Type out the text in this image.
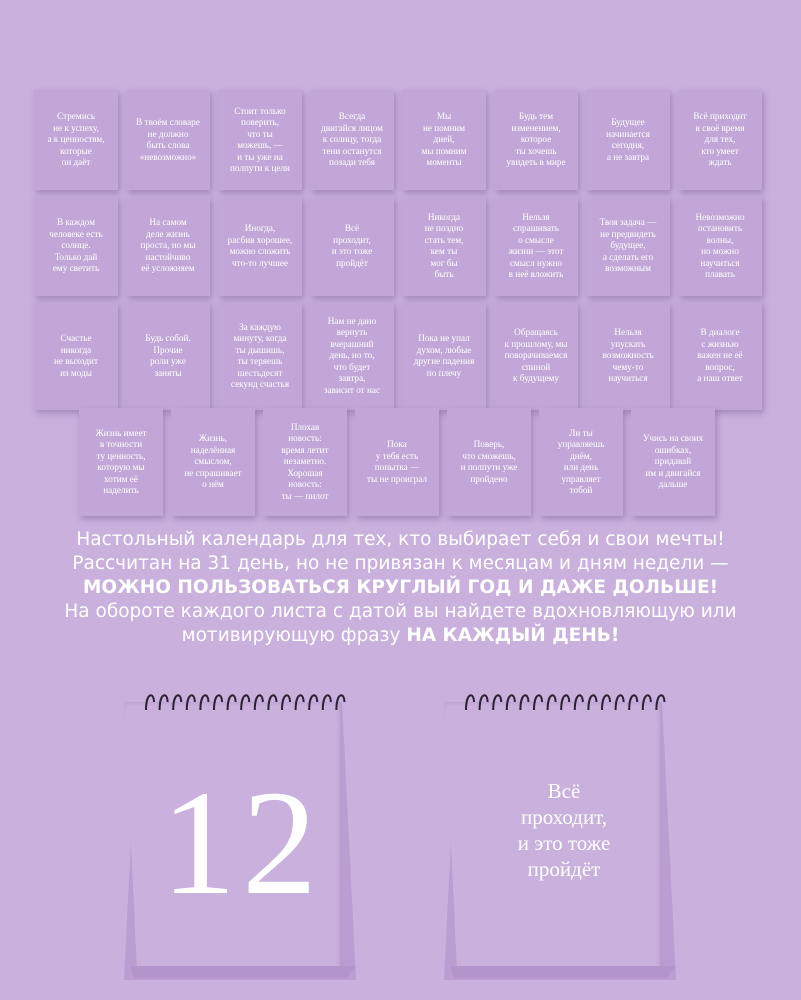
Стремись
не к успеху,
а к ценностям,
которые
он даёт
В твоём словаре
не должно
быть слова
«невозможно»
Стоит только
поверить,
что ты
можешь, —
и ты уже на
полпути к цели
Всегда
двигайся лицом
к солнцу, тогда
тени останутся
позади тебя
Мы
не помним
дней,
мы помним
моменты
Будь тем
изменением,
которое
ты хочешь
увидеть в мире
Будущее
начинается
сегодня,
а не завтра
Всё приходит
в своё время
для тех,
кто умеет
ждать
В каждом
человеке есть
солнце.
Только дай
ему светить
На самом
деле жизнь
проста, но мы
настойчиво
её усложняем
Иногда,
расбив хорошее,
можно сложить
что-то лучшее
Всё
проходит,
и это тоже
пройдёт
Никогда
не поздно
стать тем,
кем ты
мог бы
быть
Нельзя
спрашивать
о смысле
жизни — этот
смысл нужно
в неё вложить
Твоя задача —
не предвидеть
будущее,
а сделать его
возможным
Невозможно
остановить
волны,
но можно
научиться
плавать
Счастье
никогда
не выходит
из моды
Будь собой.
Прочие
роли уже
заняты
За каждую
минуту, когда
ты дышишь,
ты теряешь
шестьдесят
секунд счастья
Нам не дано
вернуть
вчерашний
день, но то,
что будет
завтра,
зависит от нас
Пока не упал
духом, любые
другие падения
по плечу
Обращаясь
к прошлому, мы
поворачиваемся
спиной
к будущему
Нельзя
упускать
возможность
чему-то
научиться
В диалоге
с жизнью
важен не её
вопрос,
а наш ответ
Жизнь имеет
в точности
ту ценность,
которую мы
хотим её
наделить
Жизнь,
наделённая
смыслом,
не спрашивает
о нём
Плохая
новость:
время летит
незаметно.
Хорошая
новость:
ты — пилот
Пока
у тебя есть
попытка —
ты не проиграл
Поверь,
что сможешь,
и полпути уже
пройдено
Ли ты
управляешь
днём,
или день
управляет
тобой
Учись на своих
ошибках,
придавай
им и двигайся
дальше
Настольный календарь для тех, кто выбирает себя и свои мечты!
Рассчитан на 31 день, но не привязан к месяцам и дням недели —
МОЖНО ПОЛЬЗОВАТЬСЯ КРУГЛЫЙ ГОД И ДАЖЕ ДОЛЬШЕ!
На обороте каждого листа с датой вы найдете вдохновляющую или
мотивирующую фразу НА КАЖДЫЙ ДЕНЬ!
12	Всё
проходит,
и это тоже
пройдёт
